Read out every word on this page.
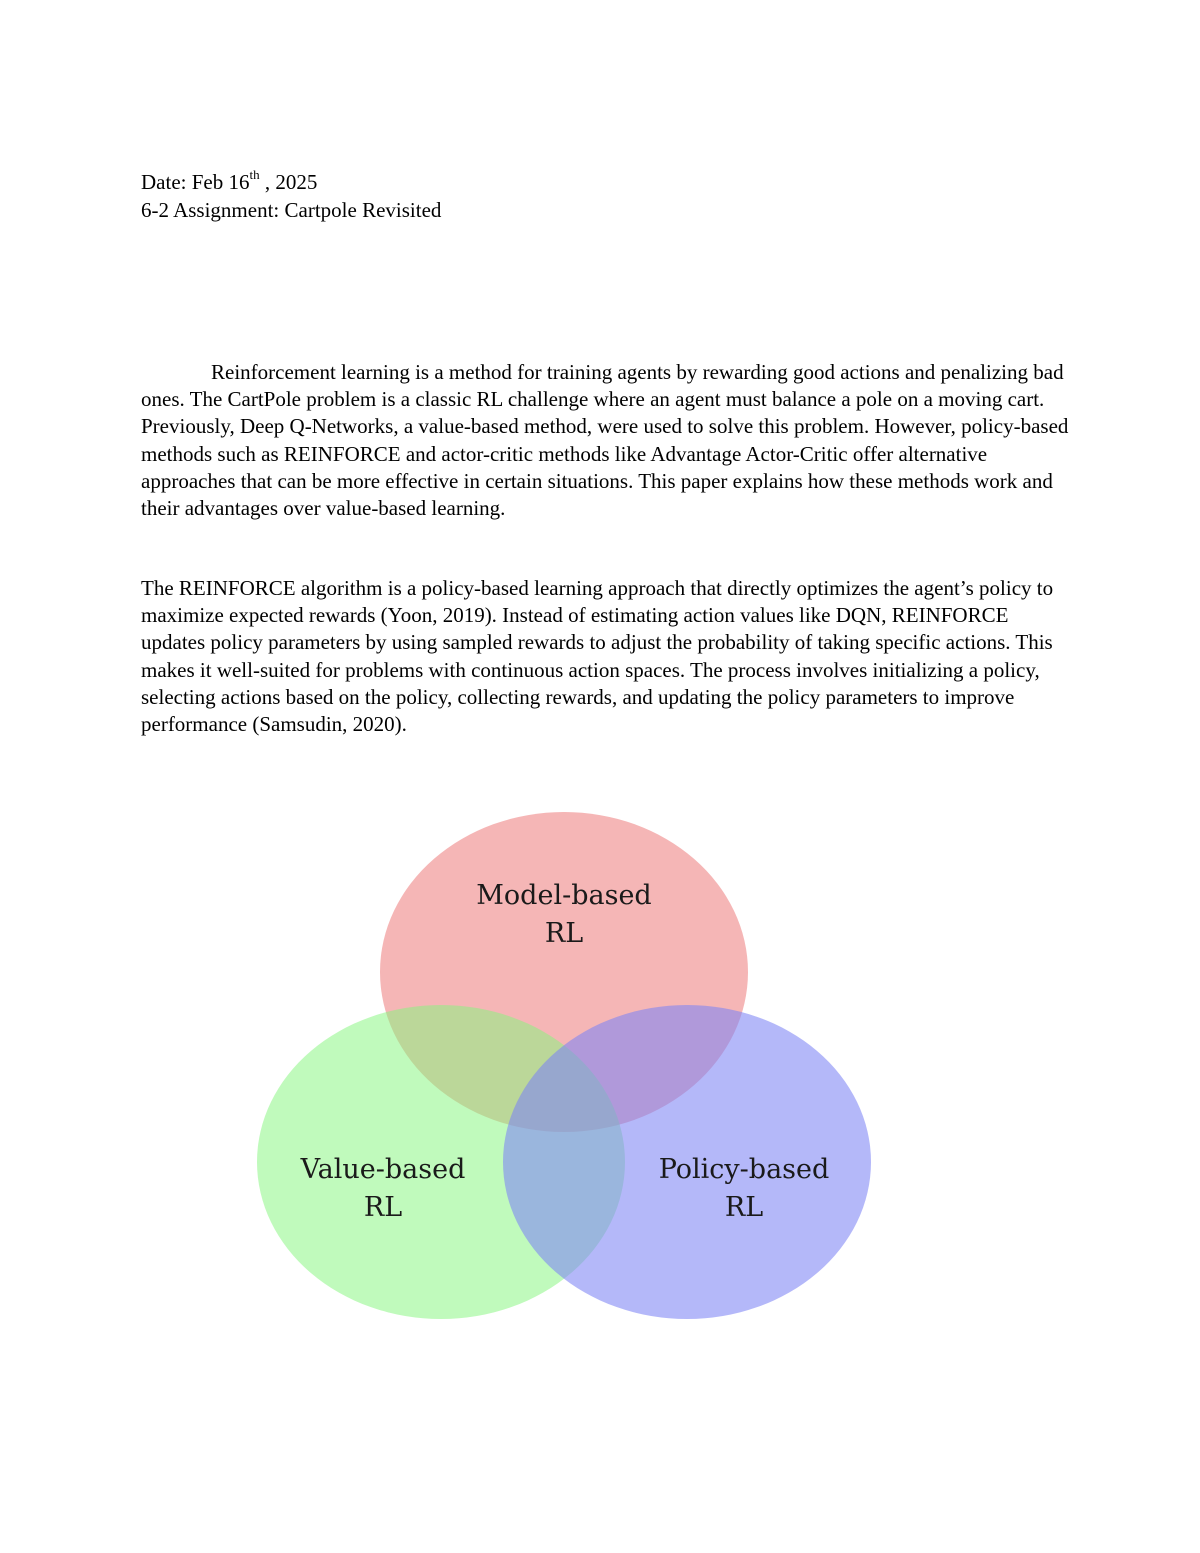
Date: Feb 16th , 2025
6-2 Assignment: Cartpole Revisited

Reinforcement learning is a method for training agents by rewarding good actions and penalizing bad ones. The CartPole problem is a classic RL challenge where an agent must balance a pole on a moving cart. Previously, Deep Q-Networks, a value-based method, were used to solve this problem. However, policy-based methods such as REINFORCE and actor-critic methods like Advantage Actor-Critic offer alternative approaches that can be more effective in certain situations. This paper explains how these methods work and their advantages over value-based learning.

The REINFORCE algorithm is a policy-based learning approach that directly optimizes the agent’s policy to maximize expected rewards (Yoon, 2019). Instead of estimating action values like DQN, REINFORCE updates policy parameters by using sampled rewards to adjust the probability of taking specific actions. This makes it well-suited for problems with continuous action spaces. The process involves initializing a policy, selecting actions based on the policy, collecting rewards, and updating the policy parameters to improve performance (Samsudin, 2020).

Model-based
RL
Value-based
RL
Policy-based
RL
